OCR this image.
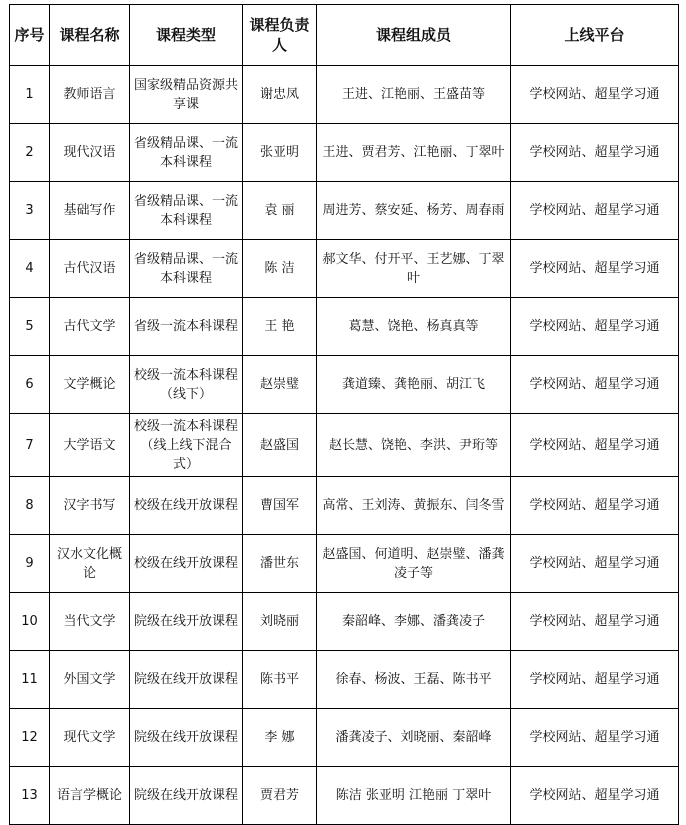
序号	课程名称	课程类型	课程负责人	课程组成员	上线平台
1	教师语言	国家级精品资源共享课	谢忠凤	王进、江艳丽、王盛苗等	学校网站、超星学习通
2	现代汉语	省级精品课、一流本科课程	张亚明	王进、贾君芳、江艳丽、丁翠叶	学校网站、超星学习通
3	基础写作	省级精品课、一流本科课程	袁 丽	周进芳、蔡安延、杨芳、周春雨	学校网站、超星学习通
4	古代汉语	省级精品课、一流本科课程	陈 洁	郝文华、付开平、王艺娜、丁翠叶	学校网站、超星学习通
5	古代文学	省级一流本科课程	王 艳	葛慧、饶艳、杨真真等	学校网站、超星学习通
6	文学概论	校级一流本科课程（线下）	赵崇璧	龚道臻、龚艳丽、胡江飞	学校网站、超星学习通
7	大学语文	校级一流本科课程（线上线下混合式）	赵盛国	赵长慧、饶艳、李洪、尹珩等	学校网站、超星学习通
8	汉字书写	校级在线开放课程	曹国军	高常、王刘涛、黄振东、闫冬雪	学校网站、超星学习通
9	汉水文化概论	校级在线开放课程	潘世东	赵盛国、何道明、赵崇璧、潘龚凌子等	学校网站、超星学习通
10	当代文学	院级在线开放课程	刘晓丽	秦韶峰、李娜、潘龚凌子	学校网站、超星学习通
11	外国文学	院级在线开放课程	陈书平	徐春、杨波、王磊、陈书平	学校网站、超星学习通
12	现代文学	院级在线开放课程	李 娜	潘龚凌子、刘晓丽、秦韶峰	学校网站、超星学习通
13	语言学概论	院级在线开放课程	贾君芳	陈洁 张亚明 江艳丽 丁翠叶	学校网站、超星学习通
